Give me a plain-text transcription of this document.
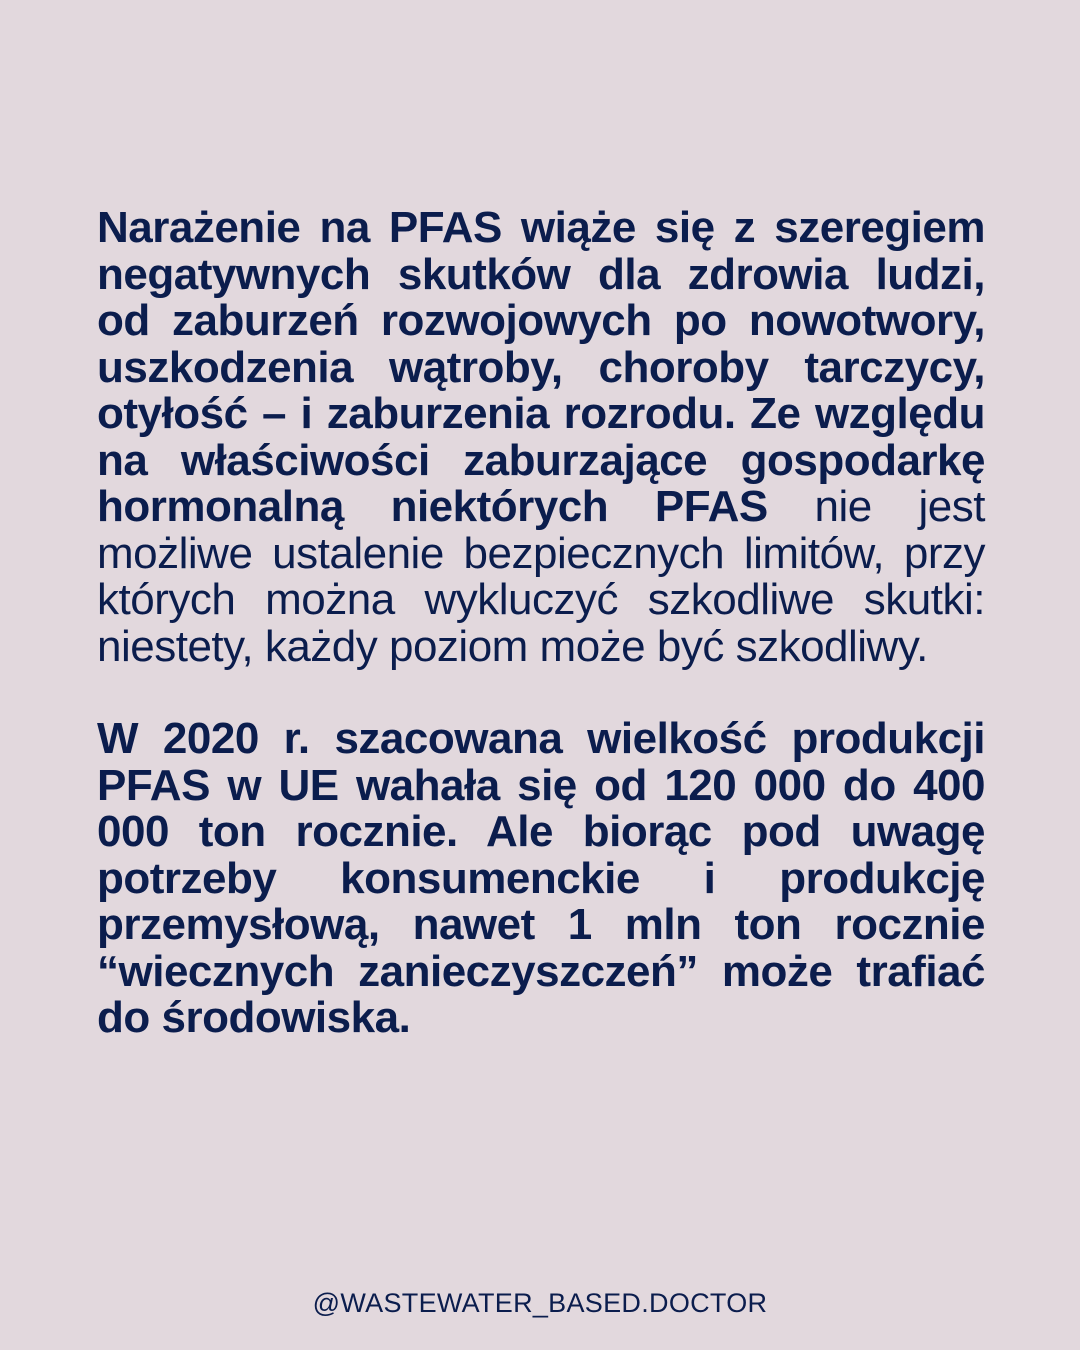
Narażenie na PFAS wiąże się z szeregiem negatywnych skutków dla zdrowia ludzi, od zaburzeń rozwojowych po nowotwory, uszkodzenia wątroby, choroby tarczycy, otyłość – i zaburzenia rozrodu. Ze względu na właściwości zaburzające gospodarkę hormonalną niektórych PFAS nie jest możliwe ustalenie bezpiecznych limitów, przy których można wykluczyć szkodliwe skutki: niestety, każdy poziom może być szkodliwy.

W 2020 r. szacowana wielkość produkcji PFAS w UE wahała się od 120 000 do 400 000 ton rocznie. Ale biorąc pod uwagę potrzeby konsumenckie i produkcję przemysłową, nawet 1 mln ton rocznie “wiecznych zanieczyszczeń” może trafiać do środowiska.

@WASTEWATER_BASED.DOCTOR
